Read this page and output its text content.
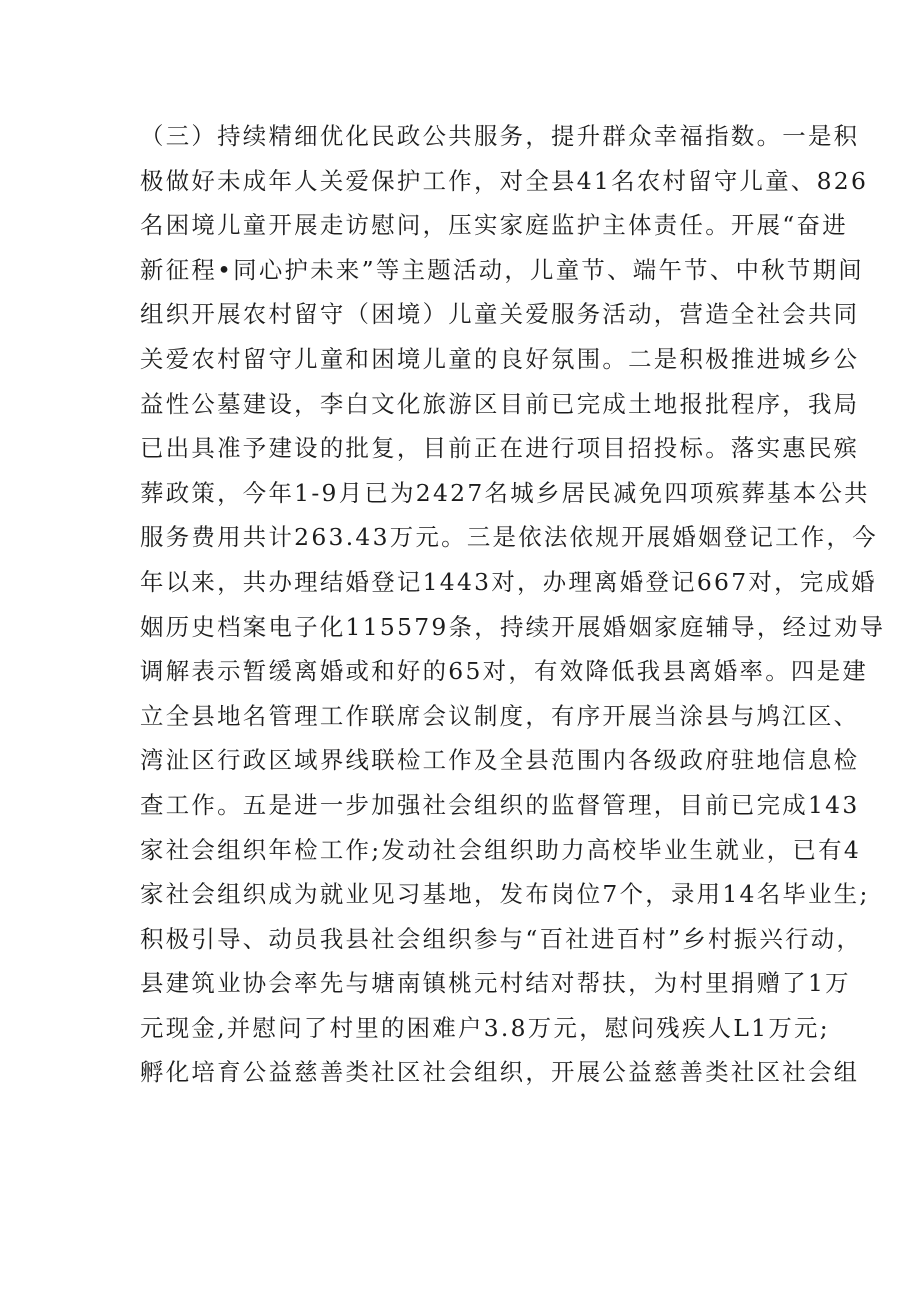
（三）持续精细优化民政公共服务，提升群众幸福指数。一是积
极做好未成年人关爱保护工作，对全县41名农村留守儿童、826
名困境儿童开展走访慰问，压实家庭监护主体责任。开展“奋进
新征程•同心护未来”等主题活动，儿童节、端午节、中秋节期间
组织开展农村留守（困境）儿童关爱服务活动，营造全社会共同
关爱农村留守儿童和困境儿童的良好氛围。二是积极推进城乡公
益性公墓建设，李白文化旅游区目前已完成土地报批程序，我局
已出具准予建设的批复，目前正在进行项目招投标。落实惠民殡
葬政策，今年1-9月已为2427名城乡居民减免四项殡葬基本公共
服务费用共计263.43万元。三是依法依规开展婚姻登记工作，今
年以来，共办理结婚登记1443对，办理离婚登记667对，完成婚
姻历史档案电子化115579条，持续开展婚姻家庭辅导，经过劝导
调解表示暂缓离婚或和好的65对，有效降低我县离婚率。四是建
立全县地名管理工作联席会议制度，有序开展当涂县与鸠江区、
湾沚区行政区域界线联检工作及全县范围内各级政府驻地信息检
查工作。五是进一步加强社会组织的监督管理，目前已完成143
家社会组织年检工作;发动社会组织助力高校毕业生就业，已有4
家社会组织成为就业见习基地，发布岗位7个，录用14名毕业生;
积极引导、动员我县社会组织参与“百社进百村”乡村振兴行动，
县建筑业协会率先与塘南镇桃元村结对帮扶，为村里捐赠了1万
元现金,并慰问了村里的困难户3.8万元，慰问残疾人L1万元;
孵化培育公益慈善类社区社会组织，开展公益慈善类社区社会组
